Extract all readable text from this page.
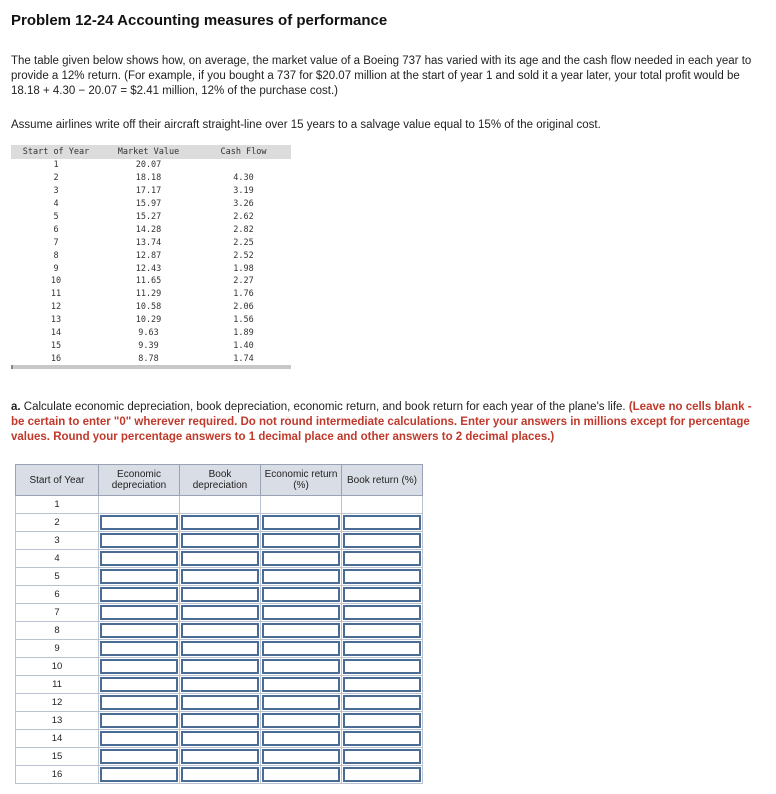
Problem 12-24 Accounting measures of performance
The table given below shows how, on average, the market value of a Boeing 737 has varied with its age and the cash flow needed in each year to provide a 12% return. (For example, if you bought a 737 for $20.07 million at the start of year 1 and sold it a year later, your total profit would be 18.18 + 4.30 − 20.07 = $2.41 million, 12% of the purchase cost.)
Assume airlines write off their aircraft straight-line over 15 years to a salvage value equal to 15% of the original cost.
Start of Year	Market Value	Cash Flow
1	20.07	
2	18.18	4.30
3	17.17	3.19
4	15.97	3.26
5	15.27	2.62
6	14.28	2.82
7	13.74	2.25
8	12.87	2.52
9	12.43	1.98
10	11.65	2.27
11	11.29	1.76
12	10.58	2.06
13	10.29	1.56
14	9.63	1.89
15	9.39	1.40
16	8.78	1.74
a. Calculate economic depreciation, book depreciation, economic return, and book return for each year of the plane's life. (Leave no cells blank - be certain to enter "0" wherever required. Do not round intermediate calculations. Enter your answers in millions except for percentage values. Round your percentage answers to 1 decimal place and other answers to 2 decimal places.)
Start of Year	Economic depreciation	Book depreciation	Economic return (%)	Book return (%)
1				
2	

3	

4	

5	

6	

7	

8	

9	

10	

11	

12	

13	

14	

15	

16	
